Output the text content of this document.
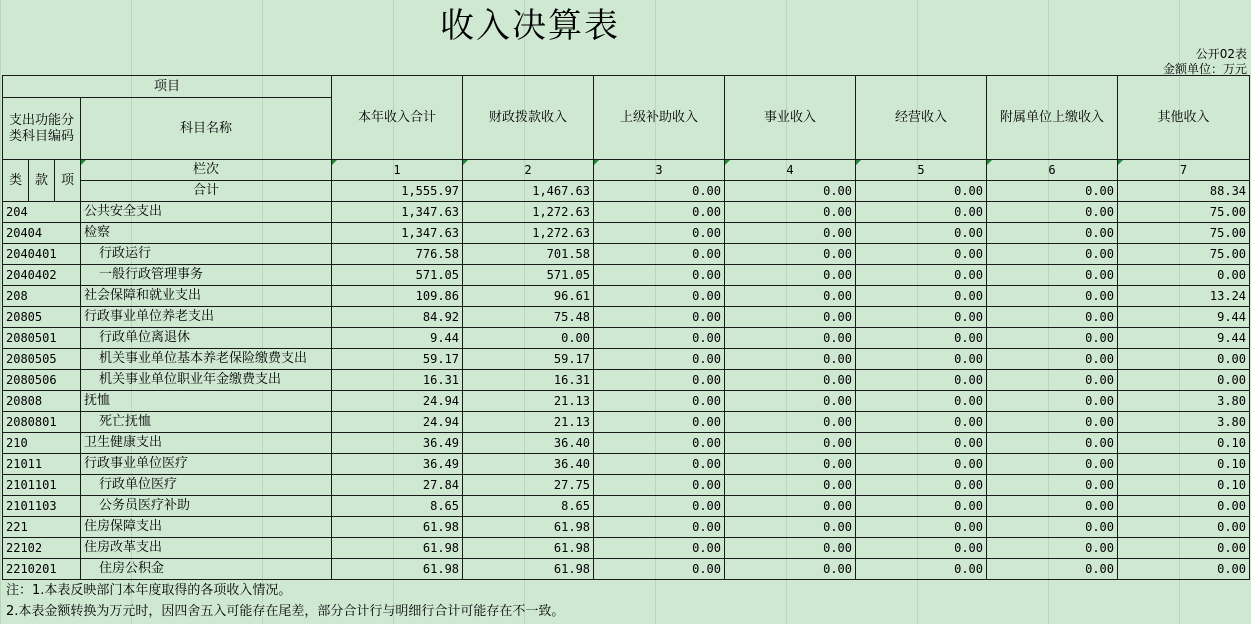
收入决算表
公开02表
金额单位：万元
项目				本年收入合计	财政拨款收入	上级补助收入	事业收入	经营收入	附属单位上缴收入	其他收入
支出功能分类科目编码			科目名称							
类	款	项	栏次	1	2	3	4	5	6	7
			合计	1,555.97	1,467.63	0.00	0.00	0.00	0.00	88.34
204			公共安全支出	1,347.63	1,272.63	0.00	0.00	0.00	0.00	75.00
20404			检察	1,347.63	1,272.63	0.00	0.00	0.00	0.00	75.00
2040401			行政运行	776.58	701.58	0.00	0.00	0.00	0.00	75.00
2040402			一般行政管理事务	571.05	571.05	0.00	0.00	0.00	0.00	0.00
208			社会保障和就业支出	109.86	96.61	0.00	0.00	0.00	0.00	13.24
20805			行政事业单位养老支出	84.92	75.48	0.00	0.00	0.00	0.00	9.44
2080501			行政单位离退休	9.44	0.00	0.00	0.00	0.00	0.00	9.44
2080505			机关事业单位基本养老保险缴费支出	59.17	59.17	0.00	0.00	0.00	0.00	0.00
2080506			机关事业单位职业年金缴费支出	16.31	16.31	0.00	0.00	0.00	0.00	0.00
20808			抚恤	24.94	21.13	0.00	0.00	0.00	0.00	3.80
2080801			死亡抚恤	24.94	21.13	0.00	0.00	0.00	0.00	3.80
210			卫生健康支出	36.49	36.40	0.00	0.00	0.00	0.00	0.10
21011			行政事业单位医疗	36.49	36.40	0.00	0.00	0.00	0.00	0.10
2101101			行政单位医疗	27.84	27.75	0.00	0.00	0.00	0.00	0.10
2101103			公务员医疗补助	8.65	8.65	0.00	0.00	0.00	0.00	0.00
221			住房保障支出	61.98	61.98	0.00	0.00	0.00	0.00	0.00
22102			住房改革支出	61.98	61.98	0.00	0.00	0.00	0.00	0.00
2210201			住房公积金	61.98	61.98	0.00	0.00	0.00	0.00	0.00
注：1.本表反映部门本年度取得的各项收入情况。
2.本表金额转换为万元时，因四舍五入可能存在尾差，部分合计行与明细行合计可能存在不一致。
